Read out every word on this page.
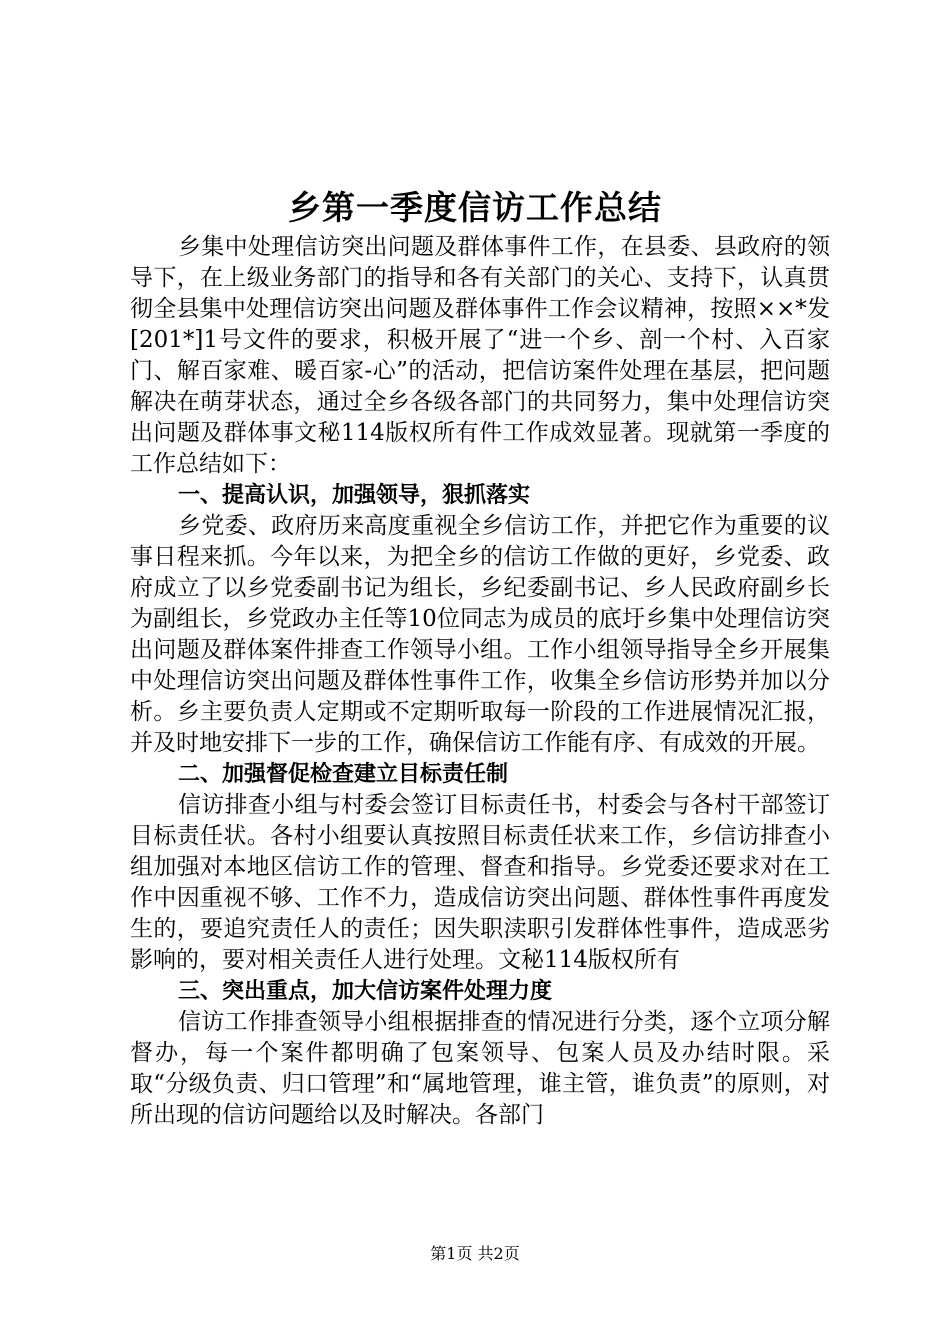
乡第一季度信访工作总结

乡集中处理信访突出问题及群体事件工作，在县委、县政府的领导下，在上级业务部门的指导和各有关部门的关心、支持下，认真贯彻全县集中处理信访突出问题及群体事件工作会议精神，按照××*发[201*]1号文件的要求，积极开展了“进一个乡、剖一个村、入百家门、解百家难、暖百家-心”的活动，把信访案件处理在基层，把问题解决在萌芽状态，通过全乡各级各部门的共同努力，集中处理信访突出问题及群体事文秘114版权所有件工作成效显著。现就第一季度的工作总结如下：

一、提高认识，加强领导，狠抓落实

乡党委、政府历来高度重视全乡信访工作，并把它作为重要的议事日程来抓。今年以来，为把全乡的信访工作做的更好，乡党委、政府成立了以乡党委副书记为组长，乡纪委副书记、乡人民政府副乡长为副组长，乡党政办主任等10位同志为成员的底圩乡集中处理信访突出问题及群体案件排查工作领导小组。工作小组领导指导全乡开展集中处理信访突出问题及群体性事件工作，收集全乡信访形势并加以分析。乡主要负责人定期或不定期听取每一阶段的工作进展情况汇报，并及时地安排下一步的工作，确保信访工作能有序、有成效的开展。

二、加强督促检查建立目标责任制

信访排查小组与村委会签订目标责任书，村委会与各村干部签订目标责任状。各村小组要认真按照目标责任状来工作，乡信访排查小组加强对本地区信访工作的管理、督查和指导。乡党委还要求对在工作中因重视不够、工作不力，造成信访突出问题、群体性事件再度发生的，要追究责任人的责任；因失职渎职引发群体性事件，造成恶劣影响的，要对相关责任人进行处理。文秘114版权所有

三、突出重点，加大信访案件处理力度

信访工作排查领导小组根据排查的情况进行分类，逐个立项分解督办，每一个案件都明确了包案领导、包案人员及办结时限。采取“分级负责、归口管理”和“属地管理，谁主管，谁负责”的原则，对所出现的信访问题给以及时解决。各部门

第1页 共2页
